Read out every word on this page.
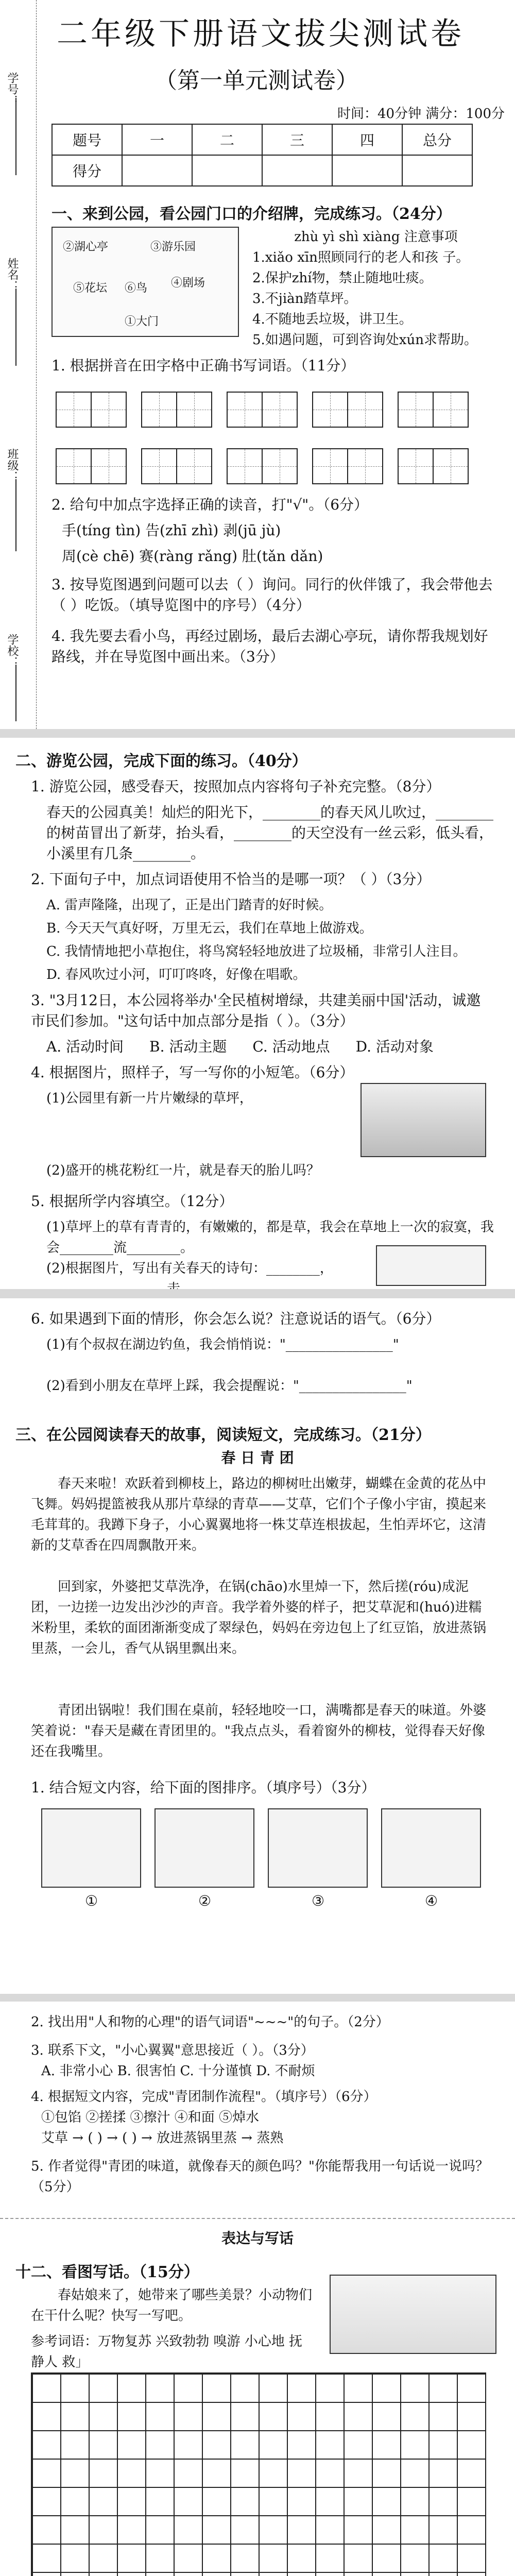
学号：
姓名：
班级：
学校：
二年级下册语文拔尖测试卷
（第一单元测试卷）
时间：40分钟 满分：100分
题号	一	二	三	四	总分
得分					
一、来到公园，看公园门口的介绍牌，完成练习。（24分）
②湖心亭	③游乐园
④剧场
⑤花坛 ⑥鸟
①大门
zhù yì shì xiàng 注意事项
1.xiǎo xīn照顾同行的老人和孩 子。
2.保护zhí物，禁止随地吐痰。
3.不jiàn踏草坪。
4.不随地丢垃圾，讲卫生。
5.如遇问题，可到咨询处xún求帮助。
1. 根据拼音在田字格中正确书写词语。（11分）
2. 给句中加点字选择正确的读音，打"√"。（6分）
手(tíng tìn) 告(zhī zhì) 剥(jū jù)
周(cè chē) 赛(ràng rǎng) 肚(tǎn dǎn)
3. 按导览图遇到问题可以去（ ）询问。同行的伙伴饿了，我会带他去（ ）吃饭。（填导览图中的序号）（4分）
4. 我先要去看小鸟，再经过剧场，最后去湖心亭玩，请你帮我规划好路线，并在导览图中画出来。（3分）
二、游览公园，完成下面的练习。（40分）
1. 游览公园，感受春天，按照加点内容将句子补充完整。（8分）
春天的公园真美！灿烂的阳光下，________的春天风儿吹过，________的树苗冒出了新芽，抬头看，________的天空没有一丝云彩，低头看，小溪里有几条________。
2. 下面句子中，加点词语使用不恰当的是哪一项？（ ）（3分）
A. 雷声隆隆，出现了，正是出门踏青的好时候。
B. 今天天气真好呀，万里无云，我们在草地上做游戏。
C. 我情情地把小草抱住，将鸟窝轻轻地放进了垃圾桶，非常引人注目。
D. 春风吹过小河，叮叮咚咚，好像在唱歌。
3. "3月12日，本公园将举办'全民植树增绿，共建美丽中国'活动，诚邀市民们参加。"这句话中加点部分是指（ ）。（3分）
A. 活动时间 B. 活动主题 C. 活动地点 D. 活动对象
4. 根据图片，照样子，写一写你的小短笔。（6分）
(1)公园里有新一片片嫩绿的草坪，
(2)盛开的桃花粉红一片，就是春天的胎儿吗？
5. 根据所学内容填空。（12分）
(1)草坪上的草有青青的，有嫩嫩的，都是草，我会在草地上一次的寂寞，我会________流________。
(2)根据图片，写出有关春天的诗句：________，
6. 如果遇到下面的情形，你会怎么说？注意说话的语气。（6分）
(1)有个叔叔在湖边钓鱼，我会悄悄说："________________"
(2)看到小朋友在草坪上踩，我会提醒说："________________"
三、在公园阅读春天的故事，阅读短文，完成练习。（21分）
春 日 青 团
春天来啦！欢跃着到柳枝上，路边的柳树吐出嫩芽，蝴蝶在金黄的花丛中飞舞。妈妈提篮被我从那片草绿的青草——艾草，它们个子像小宇宙，摸起来毛茸茸的。我蹲下身子，小心翼翼地将一株艾草连根拔起，生怕弄坏它，这清新的艾草香在四周飘散开来。
回到家，外婆把艾草洗净，在锅(chāo)水里焯一下，然后搓(róu)成泥团，一边搓一边发出沙沙的声音。我学着外婆的样子，把艾草泥和(huó)进糯米粉里，柔软的面团渐渐变成了翠绿色，妈妈在旁边包上了红豆馅，放进蒸锅里蒸，一会儿，香气从锅里飘出来。
青团出锅啦！我们围在桌前，轻轻地咬一口，满嘴都是春天的味道。外婆笑着说："春天是藏在青团里的。"我点点头，看着窗外的柳枝，觉得春天好像还在我嘴里。
1. 结合短文内容，给下面的图排序。（填序号）（3分）
①	②	③	④
2. 找出用"人和物的心理"的语气词语"~~~"的句子。（2分）
3. 联系下文，"小心翼翼"意思接近（ ）。（3分）
A. 非常小心 B. 很害怕 C. 十分谨慎 D. 不耐烦
4. 根据短文内容，完成"青团制作流程"。（填序号）（6分）
①包馅 ②搓揉 ③擦汁 ④和面 ⑤焯水
艾草 → ( ) → ( ) → 放进蒸锅里蒸 → 蒸熟
5. 作者觉得"青团的味道，就像春天的颜色吗？"你能帮我用一句话说一说吗？（5分）
表达与写话
十二、看图写话。（15分）
春姑娘来了，她带来了哪些美景？小动物们在干什么呢？快写一写吧。
参考词语：万物复苏 兴致勃勃 嗅游 小心地 抚 静人 救」
